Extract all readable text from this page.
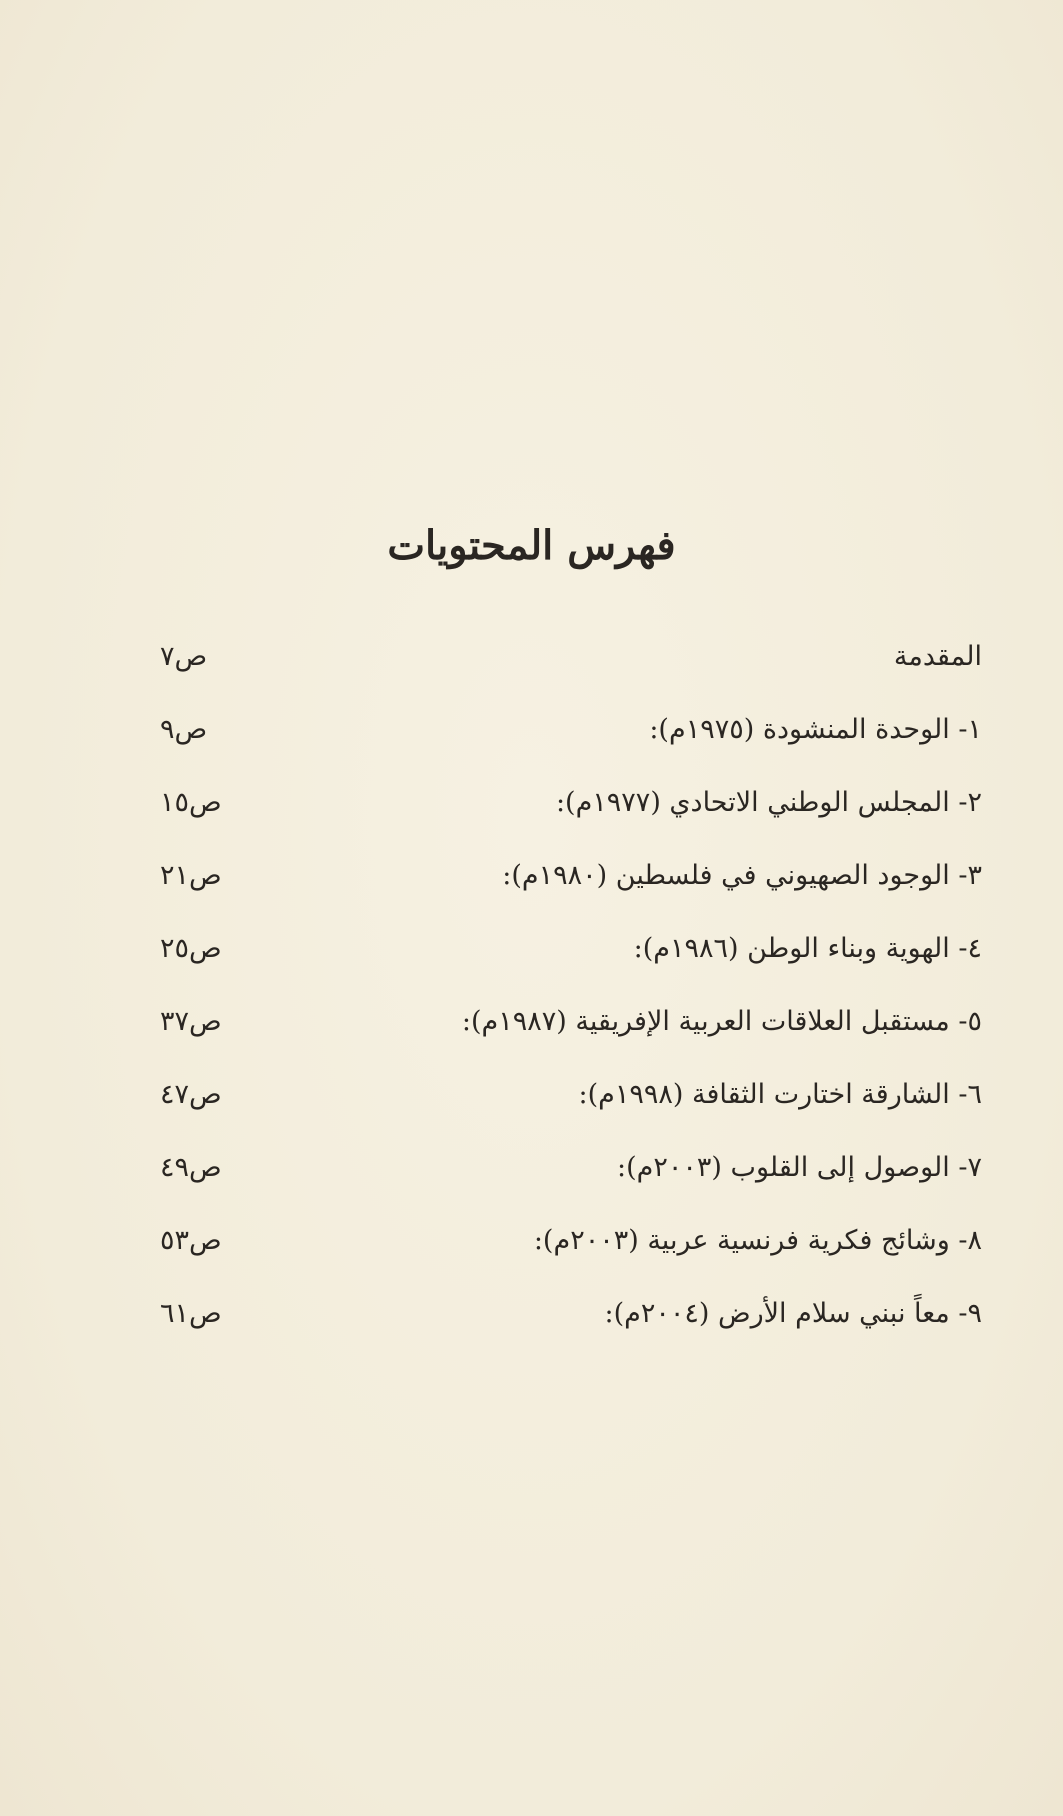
فهرس المحتويات
المقدمة
ص٧
١- الوحدة المنشودة (١٩٧٥م):
ص٩
٢- المجلس الوطني الاتحادي (١٩٧٧م):
ص١٥
٣- الوجود الصهيوني في فلسطين (١٩٨٠م):
ص٢١
٤- الهوية وبناء الوطن (١٩٨٦م):
ص٢٥
٥- مستقبل العلاقات العربية الإفريقية (١٩٨٧م):
ص٣٧
٦- الشارقة اختارت الثقافة (١٩٩٨م):
ص٤٧
٧- الوصول إلى القلوب (٢٠٠٣م):
ص٤٩
٨- وشائج فكرية فرنسية عربية (٢٠٠٣م):
ص٥٣
٩- معاً نبني سلام الأرض (٢٠٠٤م):
ص٦١
